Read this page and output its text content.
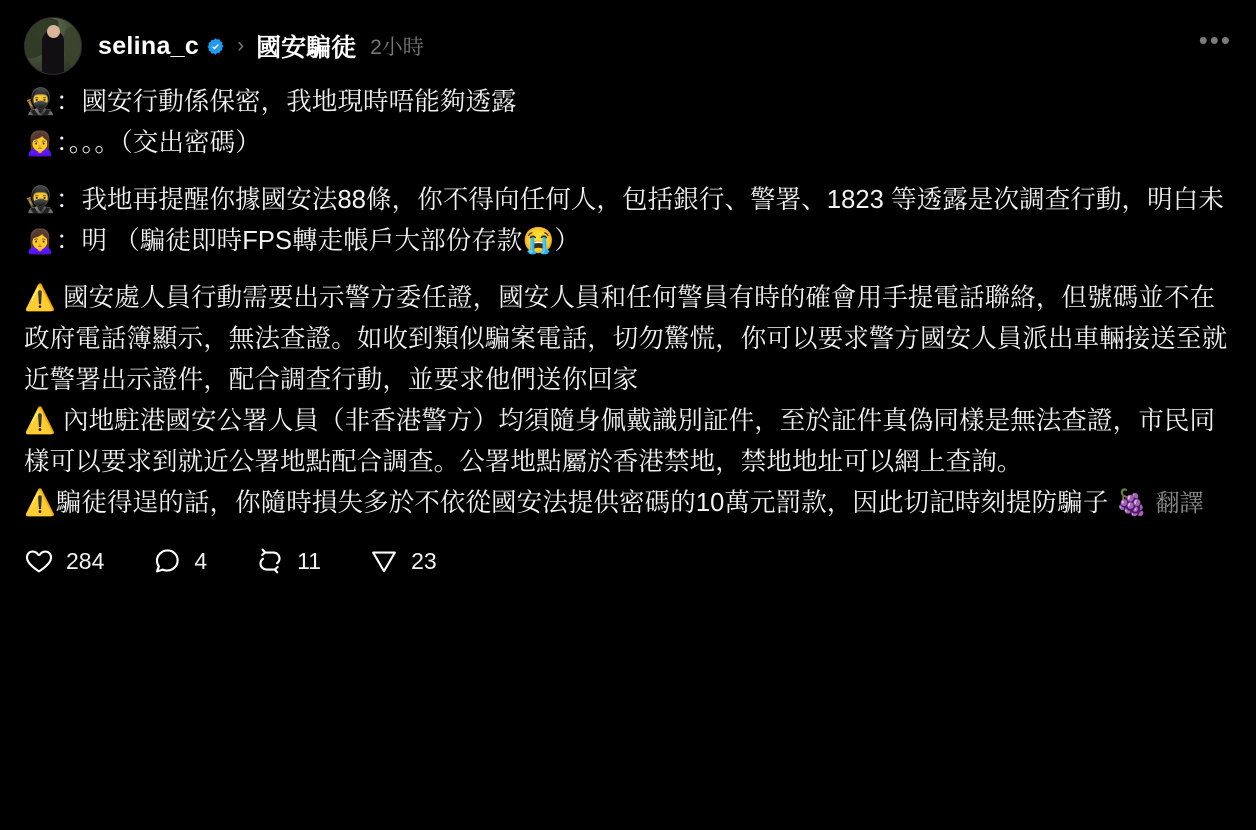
selina_c › 國安騙徒 2小時	•••

🥷：國安行動係保密，我地現時唔能夠透露

🙍‍♀️：。。。（交出密碼）

🥷：我地再提醒你據國安法88條，你不得向任何人，包括銀行、警署、1823 等透露是次調查行動，明白未

🙍‍♀️：明 （騙徒即時FPS轉走帳戶大部份存款😭）

⚠️ 國安處人員行動需要出示警方委任證，國安人員和任何警員有時的確會用手提電話聯絡，但號碼並不在政府電話簿顯示，無法查證。如收到類似騙案電話，切勿驚慌，你可以要求警方國安人員派出車輛接送至就近警署出示證件，配合調查行動，並要求他們送你回家

⚠️ 內地駐港國安公署人員（非香港警方）均須隨身佩戴識別証件，至於証件真偽同樣是無法查證，市民同樣可以要求到就近公署地點配合調查。公署地點屬於香港禁地，禁地地址可以網上查詢。

⚠️騙徒得逞的話，你隨時損失多於不依從國安法提供密碼的10萬元罰款，因此切記時刻提防騙子 🍇 翻譯

284	4	11	23
